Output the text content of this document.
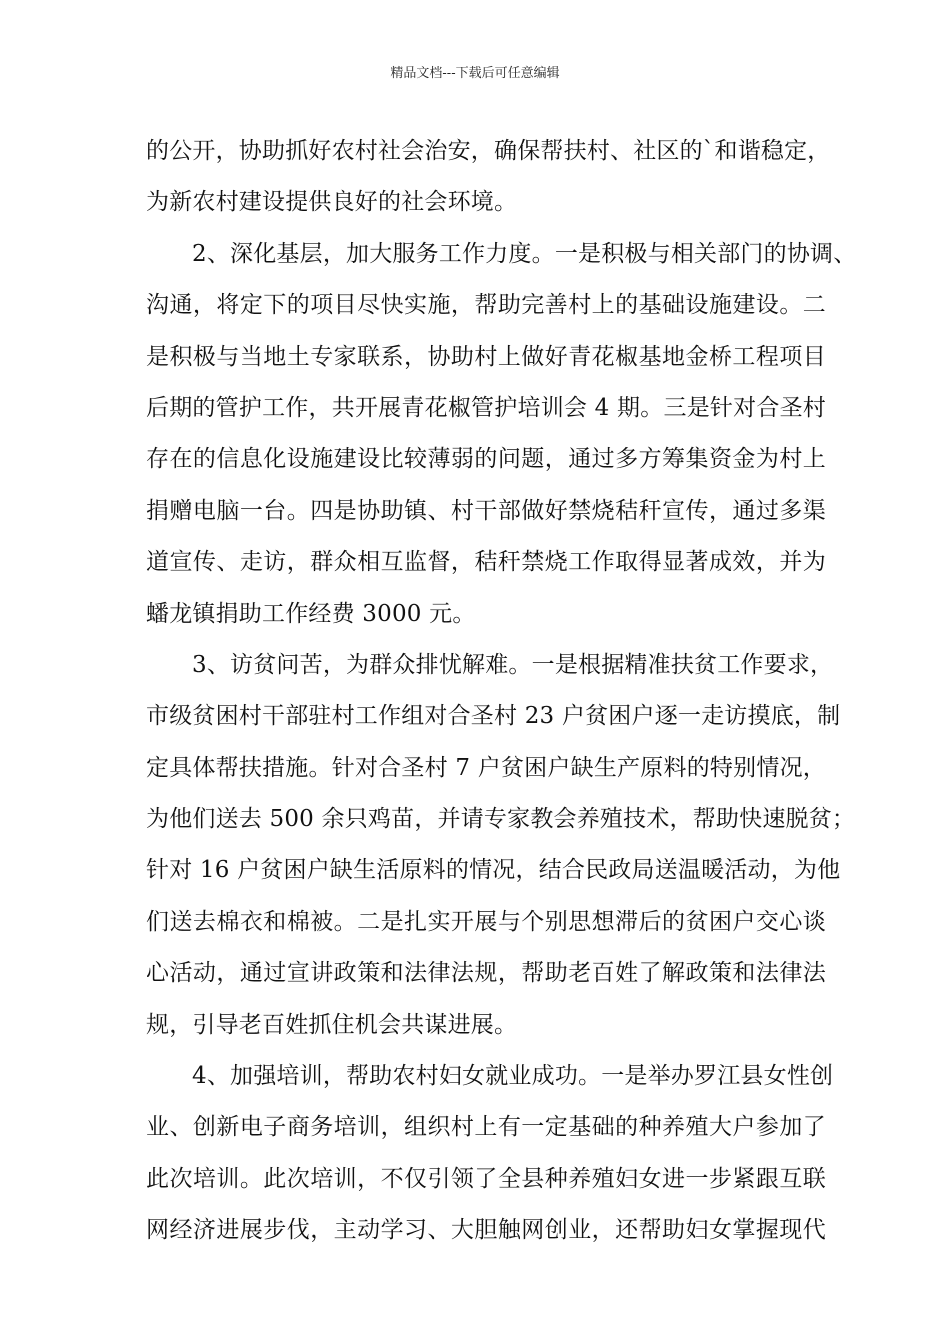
精品文档---下载后可任意编辑
的公开，协助抓好农村社会治安，确保帮扶村、社区的`和谐稳定，
为新农村建设提供良好的社会环境。
2、深化基层，加大服务工作力度。一是积极与相关部门的协调、
沟通，将定下的项目尽快实施，帮助完善村上的基础设施建设。二
是积极与当地土专家联系，协助村上做好青花椒基地金桥工程项目
后期的管护工作，共开展青花椒管护培训会 4 期。三是针对合圣村
存在的信息化设施建设比较薄弱的问题，通过多方筹集资金为村上
捐赠电脑一台。四是协助镇、村干部做好禁烧秸秆宣传，通过多渠
道宣传、走访，群众相互监督，秸秆禁烧工作取得显著成效，并为
蟠龙镇捐助工作经费 3000 元。
3、访贫问苦，为群众排忧解难。一是根据精准扶贫工作要求，
市级贫困村干部驻村工作组对合圣村 23 户贫困户逐一走访摸底，制
定具体帮扶措施。针对合圣村 7 户贫困户缺生产原料的特别情况，
为他们送去 500 余只鸡苗，并请专家教会养殖技术，帮助快速脱贫；
针对 16 户贫困户缺生活原料的情况，结合民政局送温暖活动，为他
们送去棉衣和棉被。二是扎实开展与个别思想滞后的贫困户交心谈
心活动，通过宣讲政策和法律法规，帮助老百姓了解政策和法律法
规，引导老百姓抓住机会共谋进展。
4、加强培训，帮助农村妇女就业成功。一是举办罗江县女性创
业、创新电子商务培训，组织村上有一定基础的种养殖大户参加了
此次培训。此次培训，不仅引领了全县种养殖妇女进一步紧跟互联
网经济进展步伐，主动学习、大胆触网创业，还帮助妇女掌握现代
